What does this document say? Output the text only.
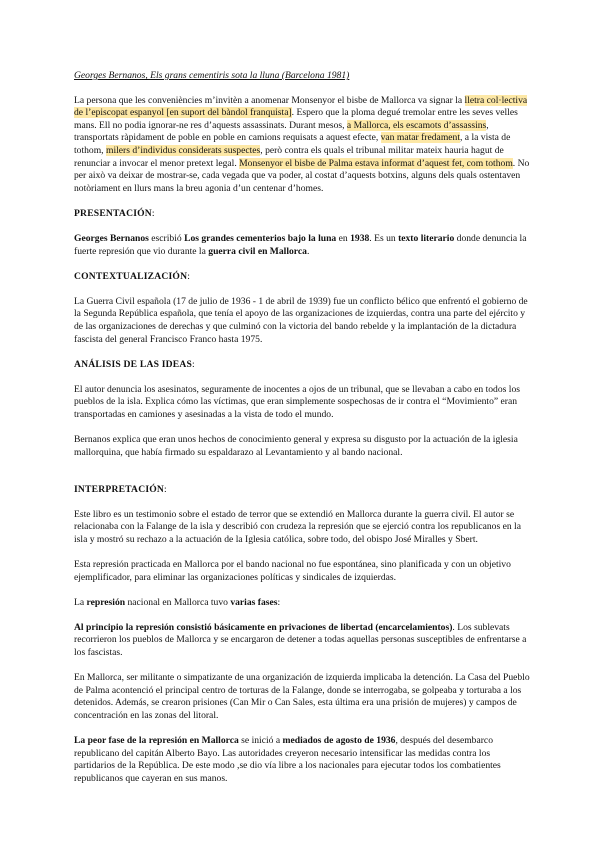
Georges Bernanos, Els grans cementiris sota la lluna (Barcelona 1981)

La persona que les conveniències m’invitèn a anomenar Monsenyor el bisbe de Mallorca va signar la lletra col·lectiva de l’episcopat espanyol [en suport del bàndol franquista]. Espero que la ploma degué tremolar entre les seves velles mans. Ell no podia ignorar-ne res d’aquests assassinats. Durant mesos, a Mallorca, els escamots d’assassins, transportats ràpidament de poble en poble en camions requisats a aquest efecte, van matar fredament, a la vista de tothom, milers d’individus considerats suspectes, però contra els quals el tribunal militar mateix hauria hagut de renunciar a invocar el menor pretext legal. Monsenyor el bisbe de Palma estava informat d’aquest fet, com tothom. No per això va deixar de mostrar-se, cada vegada que va poder, al costat d’aquests botxins, alguns dels quals ostentaven notòriament en llurs mans la breu agonia d’un centenar d’homes.

PRESENTACIÓN:

Georges Bernanos escribió Los grandes cementerios bajo la luna en 1938. Es un texto literario donde denuncia la fuerte represión que vio durante la guerra civil en Mallorca.

CONTEXTUALIZACIÓN:

La Guerra Civil española (17 de julio de 1936 - 1 de abril de 1939) fue un conflicto bélico que enfrentó el gobierno de la Segunda República española, que tenía el apoyo de las organizaciones de izquierdas, contra una parte del ejército y de las organizaciones de derechas y que culminó con la victoria del bando rebelde y la implantación de la dictadura fascista del general Francisco Franco hasta 1975.

ANÁLISIS DE LAS IDEAS:

El autor denuncia los asesinatos, seguramente de inocentes a ojos de un tribunal, que se llevaban a cabo en todos los pueblos de la isla. Explica cómo las víctimas, que eran simplemente sospechosas de ir contra el “Movimiento” eran transportadas en camiones y asesinadas a la vista de todo el mundo.

Bernanos explica que eran unos hechos de conocimiento general y expresa su disgusto por la actuación de la iglesia mallorquina, que había firmado su espaldarazo al Levantamiento y al bando nacional.

INTERPRETACIÓN:

Este libro es un testimonio sobre el estado de terror que se extendió en Mallorca durante la guerra civil. El autor se relacionaba con la Falange de la isla y describió con crudeza la represión que se ejerció contra los republicanos en la isla y mostró su rechazo a la actuación de la Iglesia católica, sobre todo, del obispo José Miralles y Sbert.

Esta represión practicada en Mallorca por el bando nacional no fue espontánea, sino planificada y con un objetivo ejemplificador, para eliminar las organizaciones políticas y sindicales de izquierdas.

La represión nacional en Mallorca tuvo varias fases:

Al principio la represión consistió básicamente en privaciones de libertad (encarcelamientos). Los sublevats recorrieron los pueblos de Mallorca y se encargaron de detener a todas aquellas personas susceptibles de enfrentarse a los fascistas.

En Mallorca, ser militante o simpatizante de una organización de izquierda implicaba la detención. La Casa del Pueblo de Palma acontenció el principal centro de torturas de la Falange, donde se interrogaba, se golpeaba y torturaba a los detenidos. Además, se crearon prisiones (Can Mir o Can Sales, esta última era una prisión de mujeres) y campos de concentración en las zonas del litoral.

La peor fase de la represión en Mallorca se inició a mediados de agosto de 1936, después del desembarco republicano del capitán Alberto Bayo. Las autoridades creyeron necesario intensificar las medidas contra los partidarios de la República. De este modo ,se dio vía libre a los nacionales para ejecutar todos los combatientes republicanos que cayeran en sus manos.
